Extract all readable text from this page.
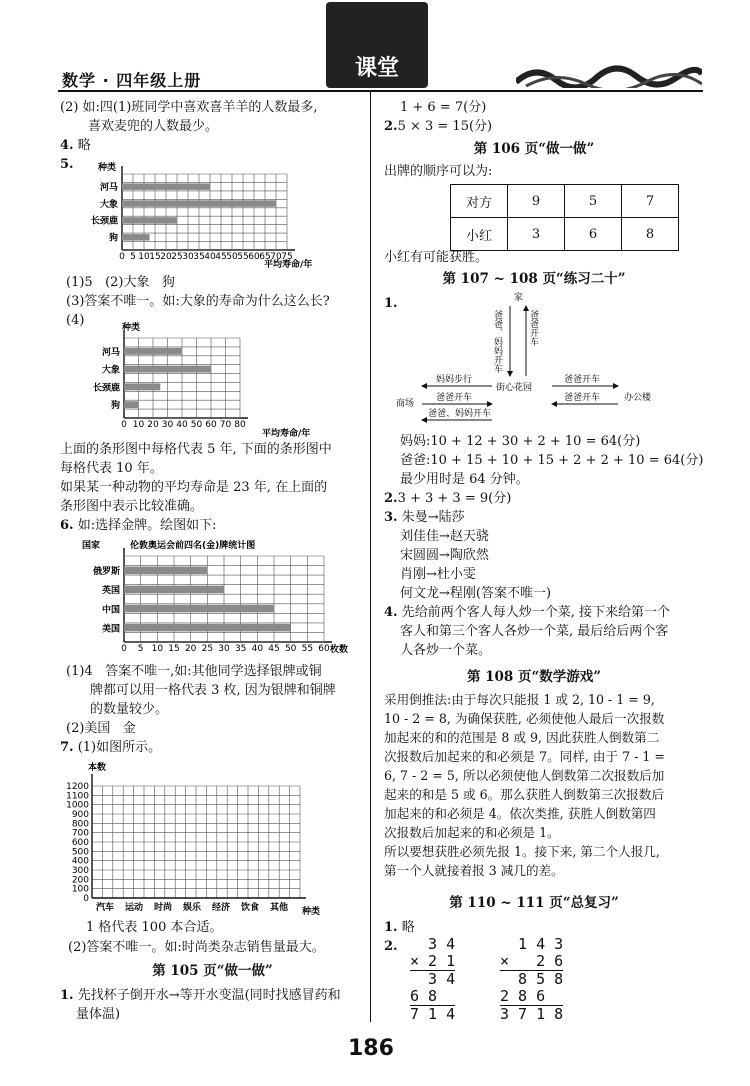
数学 · 四年级上册	课堂

(2) 如:四(1)班同学中喜欢喜羊羊的人数最多,

喜欢麦兜的人数最少。

4. 略

5.	种类
河马
大象
长颈鹿
狗
0 5 10 15 20 25 30 35 40 45 50 55 60 65 70 75
平均寿命/年

(1)5   (2)大象   狗

(3)答案不唯一。如:大象的寿命为什么这么长?

(4)	种类
河马
大象
长颈鹿
狗
0 10 20 30 40 50 60 70 80
平均寿命/年

上面的条形图中每格代表 5 年, 下面的条形图中

每格代表 10 年。

如果某一种动物的平均寿命是 23 年, 在上面的

条形图中表示比较准确。

6. 如:选择金牌。绘图如下:

国家	伦敦奥运会前四名(金)牌统计图
俄罗斯
英国
中国
美国
0 5 10 15 20 25 30 35 40 45 50 55 60 枚数

(1)4   答案不唯一,如:其他同学选择银牌或铜

牌都可以用一格代表 3 枚, 因为银牌和铜牌

的数量较少。

(2)美国   金

7. (1)如图所示。

本数
1200
1100
1000
900
800
700
600
500
400
300
200
100
0
汽车 运动 时尚 娱乐 经济 饮食 其他 种类

1 格代表 100 本合适。

(2)答案不唯一。如:时尚类杂志销售量最大。

第 105 页“做一做”

1. 先找杯子倒开水→等开水变温(同时找感冒药和

量体温)

1 + 6 = 7(分)

2.5 × 3 = 15(分)

第 106 页“做一做”

出牌的顺序可以为:

对方	9	5	7
小红	3	6	8

小红有可能获胜。

第 107 ~ 108 页“练习二十”

1.	家
爸爸、妈妈开车	爸爸开车
街心花园
商场
办公楼
妈妈步行
爸爸开车
爸爸、妈妈开车
爸爸开车
爸爸开车

妈妈:10 + 12 + 30 + 2 + 10 = 64(分)

爸爸:10 + 15 + 10 + 15 + 2 + 2 + 10 = 64(分)

最少用时是 64 分钟。

2.3 + 3 + 3 = 9(分)

3. 朱曼→陆莎

刘佳佳→赵天骁

宋圆圆→陶欣然

肖刚→杜小雯

何文龙→程刚(答案不唯一)

4. 先给前两个客人每人炒一个菜, 接下来给第一个

客人和第三个客人各炒一个菜, 最后给后两个客

人各炒一个菜。

第 108 页“数学游戏”

采用倒推法:由于每次只能报 1 或 2, 10 - 1 = 9,

10 - 2 = 8, 为确保获胜, 必须使他人最后一次报数

加起来的和的范围是 8 或 9, 因此获胜人倒数第二

次报数后加起来的和必须是 7。同样, 由于 7 - 1 =

6, 7 - 2 = 5, 所以必须使他人倒数第二次报数后加

起来的和是 5 或 6。那么获胜人倒数第三次报数后

加起来的和必须是 4。依次类推, 获胜人倒数第四

次报数后加起来的和必须是 1。

所以要想获胜必须先报 1。接下来, 第二个人报几,

第一个人就接着报 3 减几的差。

第 110 ~ 111 页“总复习”

1. 略

2. 3 4
× 2 1
3 4
6 8
7 1 4
1 4 3
×   2 6
8 5 8
2 8 6
3 7 1 8
186
